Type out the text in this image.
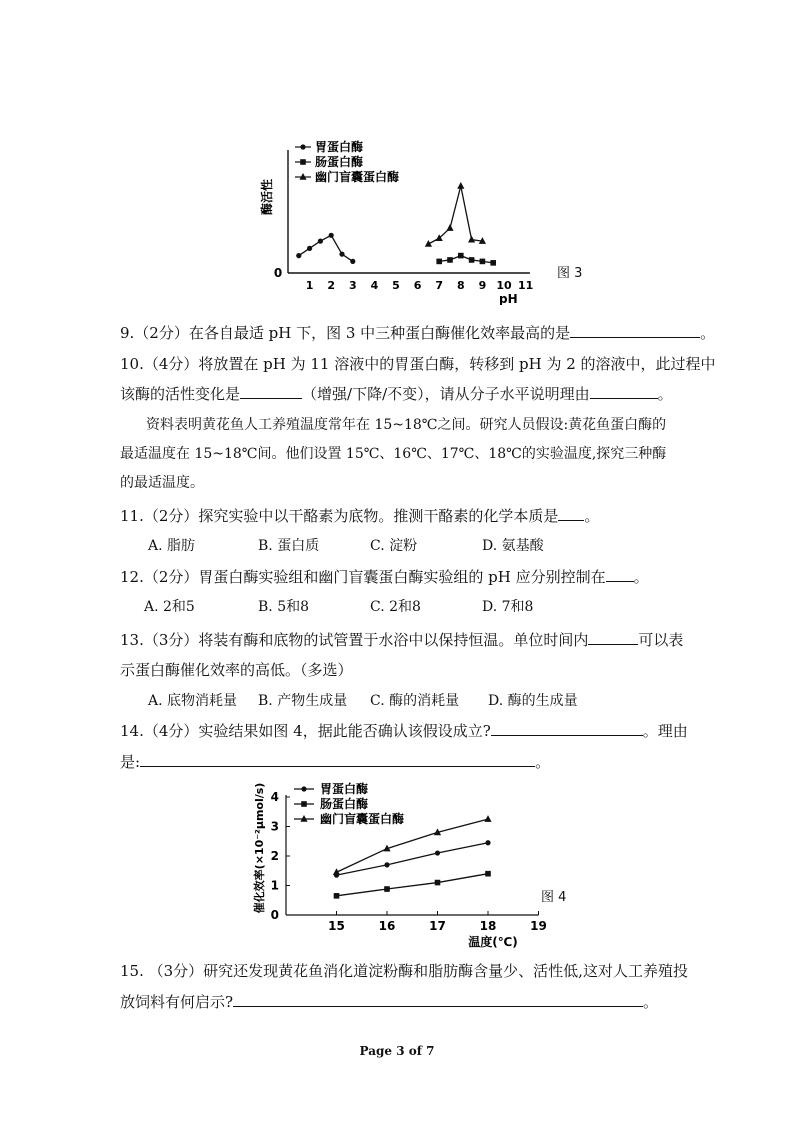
0
1 2 3 4 5 6 7 8 9 10 11
pH
酶活性
胃蛋白酶
肠蛋白酶
幽门盲囊蛋白酶
图 3
9.（2分）在各自最适 pH 下，图 3 中三种蛋白酶催化效率最高的是	。
10.（4分）将放置在 pH 为 11 溶液中的胃蛋白酶，转移到 pH 为 2 的溶液中，此过程中
该酶的活性变化是	（增强/下降/不变），请从分子水平说明理由	。
资料表明黄花鱼人工养殖温度常年在 15~18℃之间。研究人员假设:黄花鱼蛋白酶的最适温度在 15~18℃间。他们设置 15℃、16℃、17℃、18℃的实验温度,探究三种酶的最适温度。
11.（2分）探究实验中以干酪素为底物。推测干酪素的化学本质是 。
A. 脂肪	B. 蛋白质	C. 淀粉	D. 氨基酸
12.（2分）胃蛋白酶实验组和幽门盲囊蛋白酶实验组的 pH 应分别控制在 。
A. 2和5	B. 5和8	C. 2和8	D. 7和8
13.（3分）将装有酶和底物的试管置于水浴中以保持恒温。单位时间内	可以表
示蛋白酶催化效率的高低。（多选）
A. 底物消耗量 B. 产物生成量 C. 酶的消耗量 D. 酶的生成量
14.（4分）实验结果如图 4，据此能否确认该假设成立?	。理由
是:	。
0
1
2
3
4
15	16	17	18	19
温度(℃)
催化效率(×10⁻²μmol/s)	胃蛋白酶
肠蛋白酶
幽门盲囊蛋白酶
图 4
15. （3分）研究还发现黄花鱼消化道淀粉酶和脂肪酶含量少、活性低,这对人工养殖投
放饲料有何启示?	。
Page 3 of 7
